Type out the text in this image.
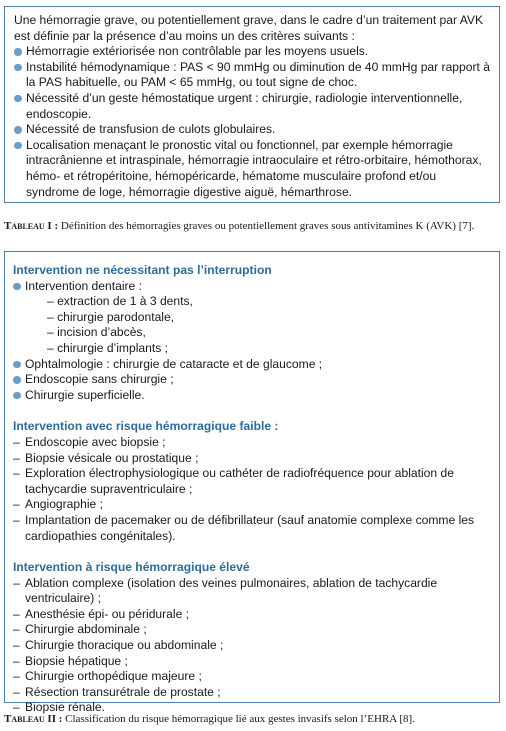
Une hémorragie grave, ou potentiellement grave, dans le cadre d’un traitement par AVK est définie par la présence d’au moins un des critères suivants :

Hémorragie extériorisée non contrôlable par les moyens usuels.
Instabilité hémodynamique : PAS < 90 mmHg ou diminution de 40 mmHg par rapport à la PAS habituelle, ou PAM < 65 mmHg, ou tout signe de choc.
Nécessité d’un geste hémostatique urgent : chirurgie, radiologie interventionnelle, endoscopie.
Nécessité de transfusion de culots globulaires.
Localisation menaçant le pronostic vital ou fonctionnel, par exemple hémorragie intracrânienne et intraspinale, hémorragie intraoculaire et rétro-orbitaire, hémothorax, hémo- et rétropéritoine, hémopéricarde, hématome musculaire profond et/ou syndrome de loge, hémorragie digestive aiguë, hémarthrose.
Tableau I : Définition des hémorragies graves ou potentiellement graves sous antivitamines K (AVK) [7].

Intervention ne nécessitant pas l’interruption

Intervention dentaire :
– extraction de 1 à 3 dents,
– chirurgie parodontale,
– incision d’abcès,
– chirurgie d’implants ;
Ophtalmologie : chirurgie de cataracte et de glaucome ;
Endoscopie sans chirurgie ;
Chirurgie superficielle.

Intervention avec risque hémorragique faible :

– Endoscopie avec biopsie ;
– Biopsie vésicale ou prostatique ;
– Exploration électrophysiologique ou cathéter de radiofréquence pour ablation de tachycardie supraventriculaire ;
– Angiographie ;
– Implantation de pacemaker ou de défibrillateur (sauf anatomie complexe comme les cardiopathies congénitales).

Intervention à risque hémorragique élevé

– Ablation complexe (isolation des veines pulmonaires, ablation de tachycardie ventriculaire) ;
– Anesthésie épi- ou péridurale ;
– Chirurgie abdominale ;
– Chirurgie thoracique ou abdominale ;
– Biopsie hépatique ;
– Chirurgie orthopédique majeure ;
– Résection transurétrale de prostate ;
– Biopsie rénale.
Tableau II : Classification du risque hémorragique lié aux gestes invasifs selon l’EHRA [8].
